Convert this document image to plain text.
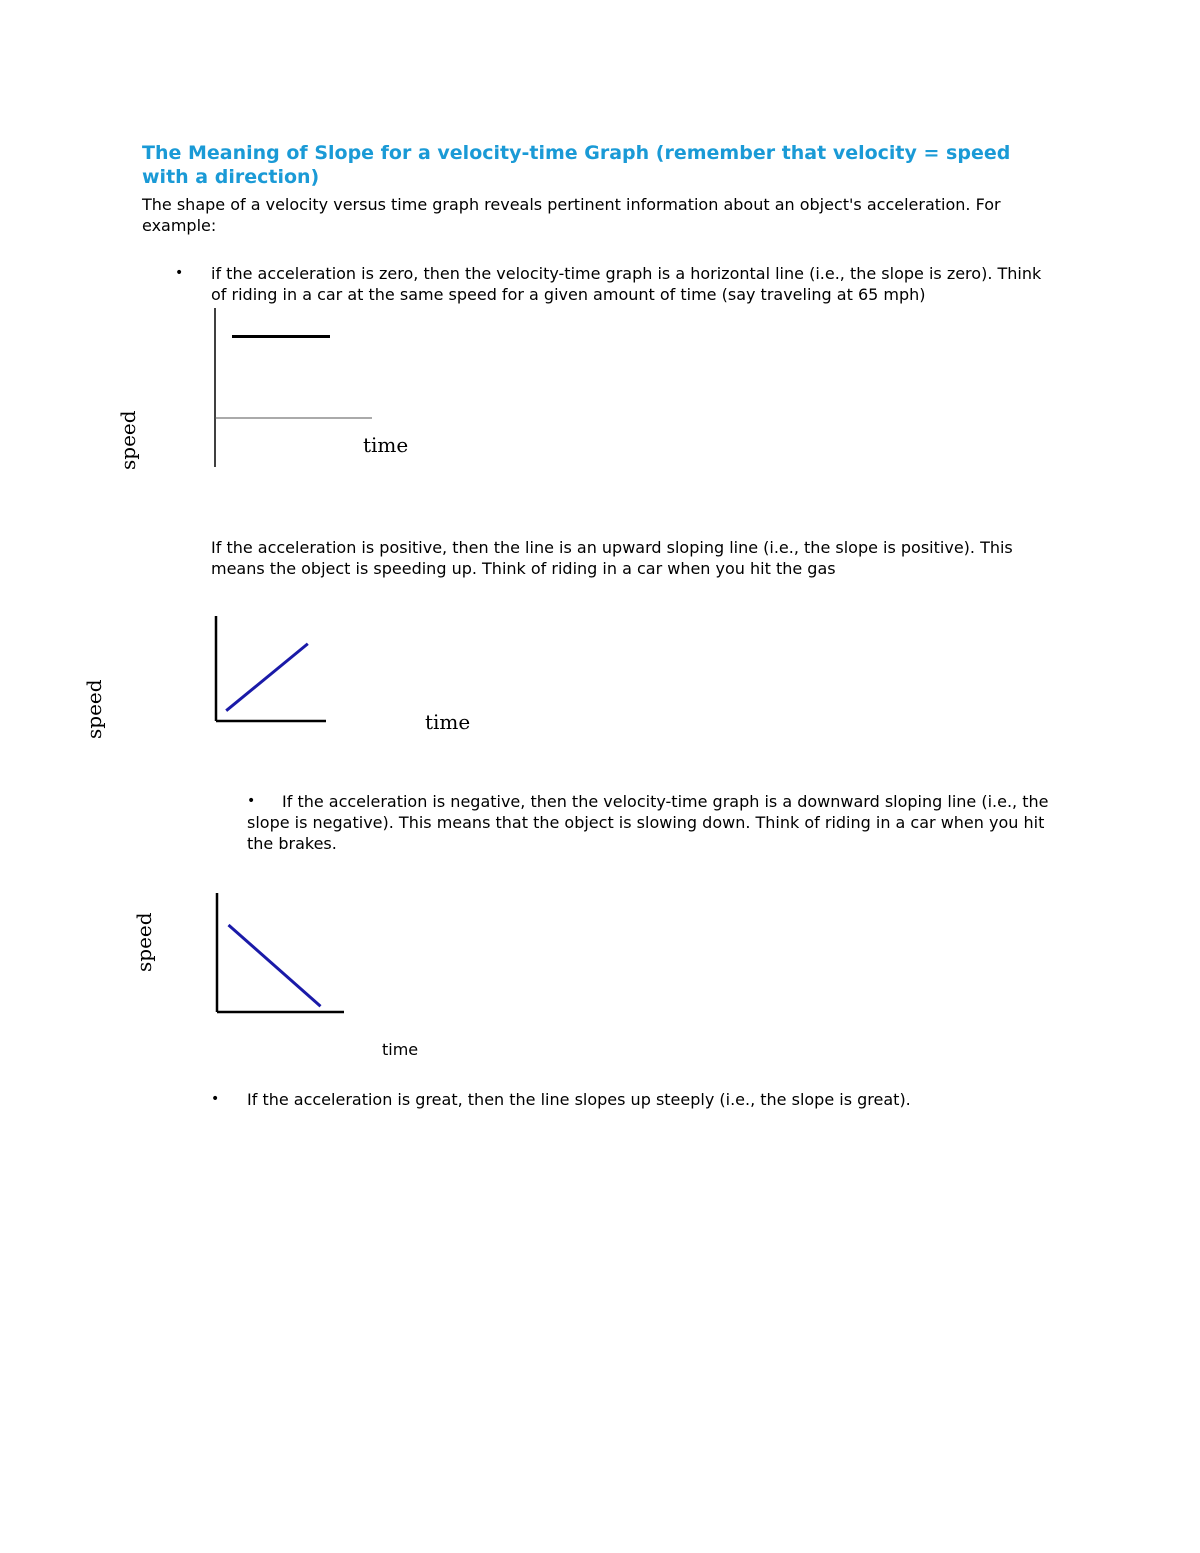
The Meaning of Slope for a velocity-time Graph (remember that velocity = speed with a direction)
The shape of a velocity versus time graph reveals pertinent information about an object's acceleration. For example:
• if the acceleration is zero, then the velocity-time graph is a horizontal line (i.e., the slope is zero). Think of riding in a car at the same speed for a given amount of time (say traveling at 65 mph)
speed	time
If the acceleration is positive, then the line is an upward sloping line (i.e., the slope is positive). This means the object is speeding up. Think of riding in a car when you hit the gas
speed	time
•	If the acceleration is negative, then the velocity-time graph is a downward sloping line (i.e., the slope is negative). This means that the object is slowing down. Think of riding in a car when you hit the brakes.
speed
time
• If the acceleration is great, then the line slopes up steeply (i.e., the slope is great).
